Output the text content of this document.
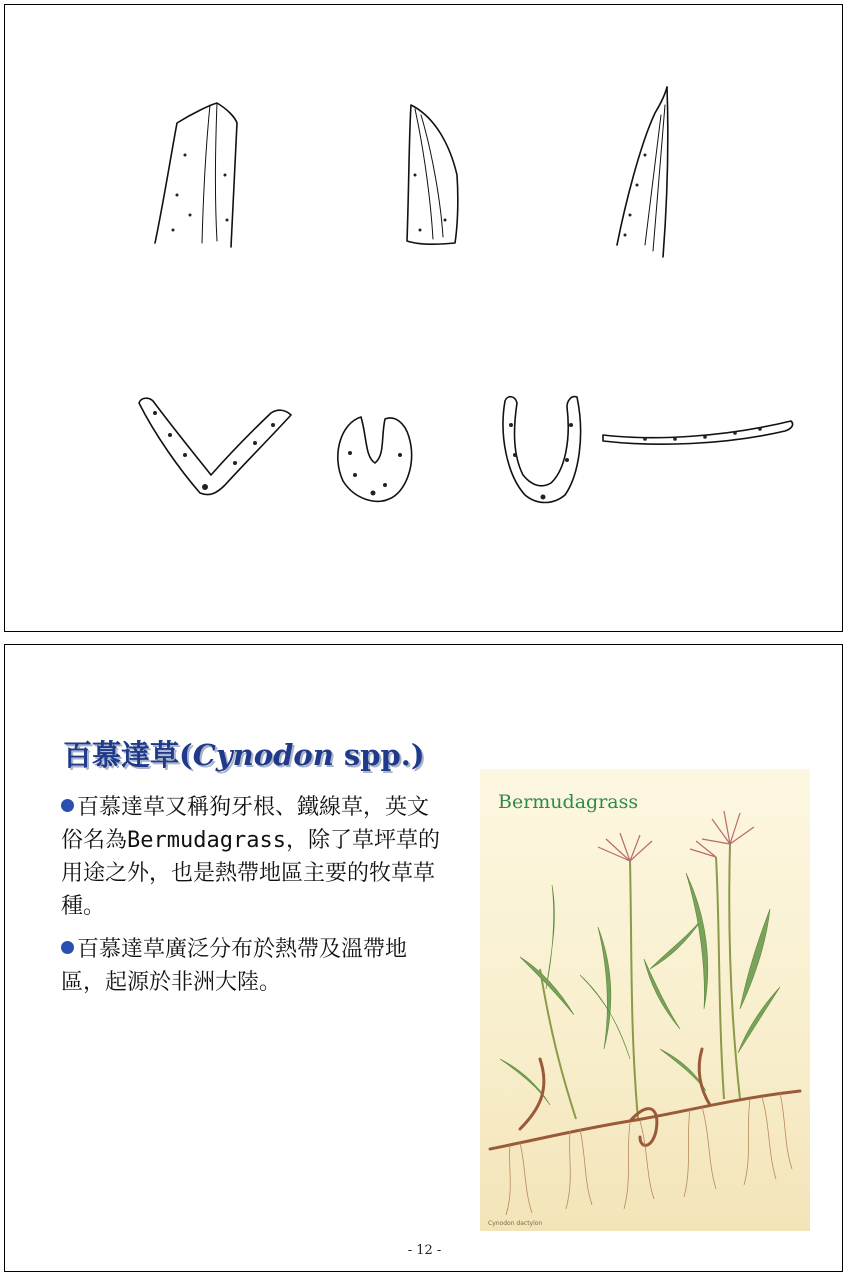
百慕達草(Cynodon spp.)
百慕達草又稱狗牙根、鐵線草，英文俗名為Bermudagrass，除了草坪草的用途之外，也是熱帶地區主要的牧草草種。
百慕達草廣泛分布於熱帶及溫帶地區，起源於非洲大陸。

Bermudagrass

Cynodon dactylon

- 12 -
